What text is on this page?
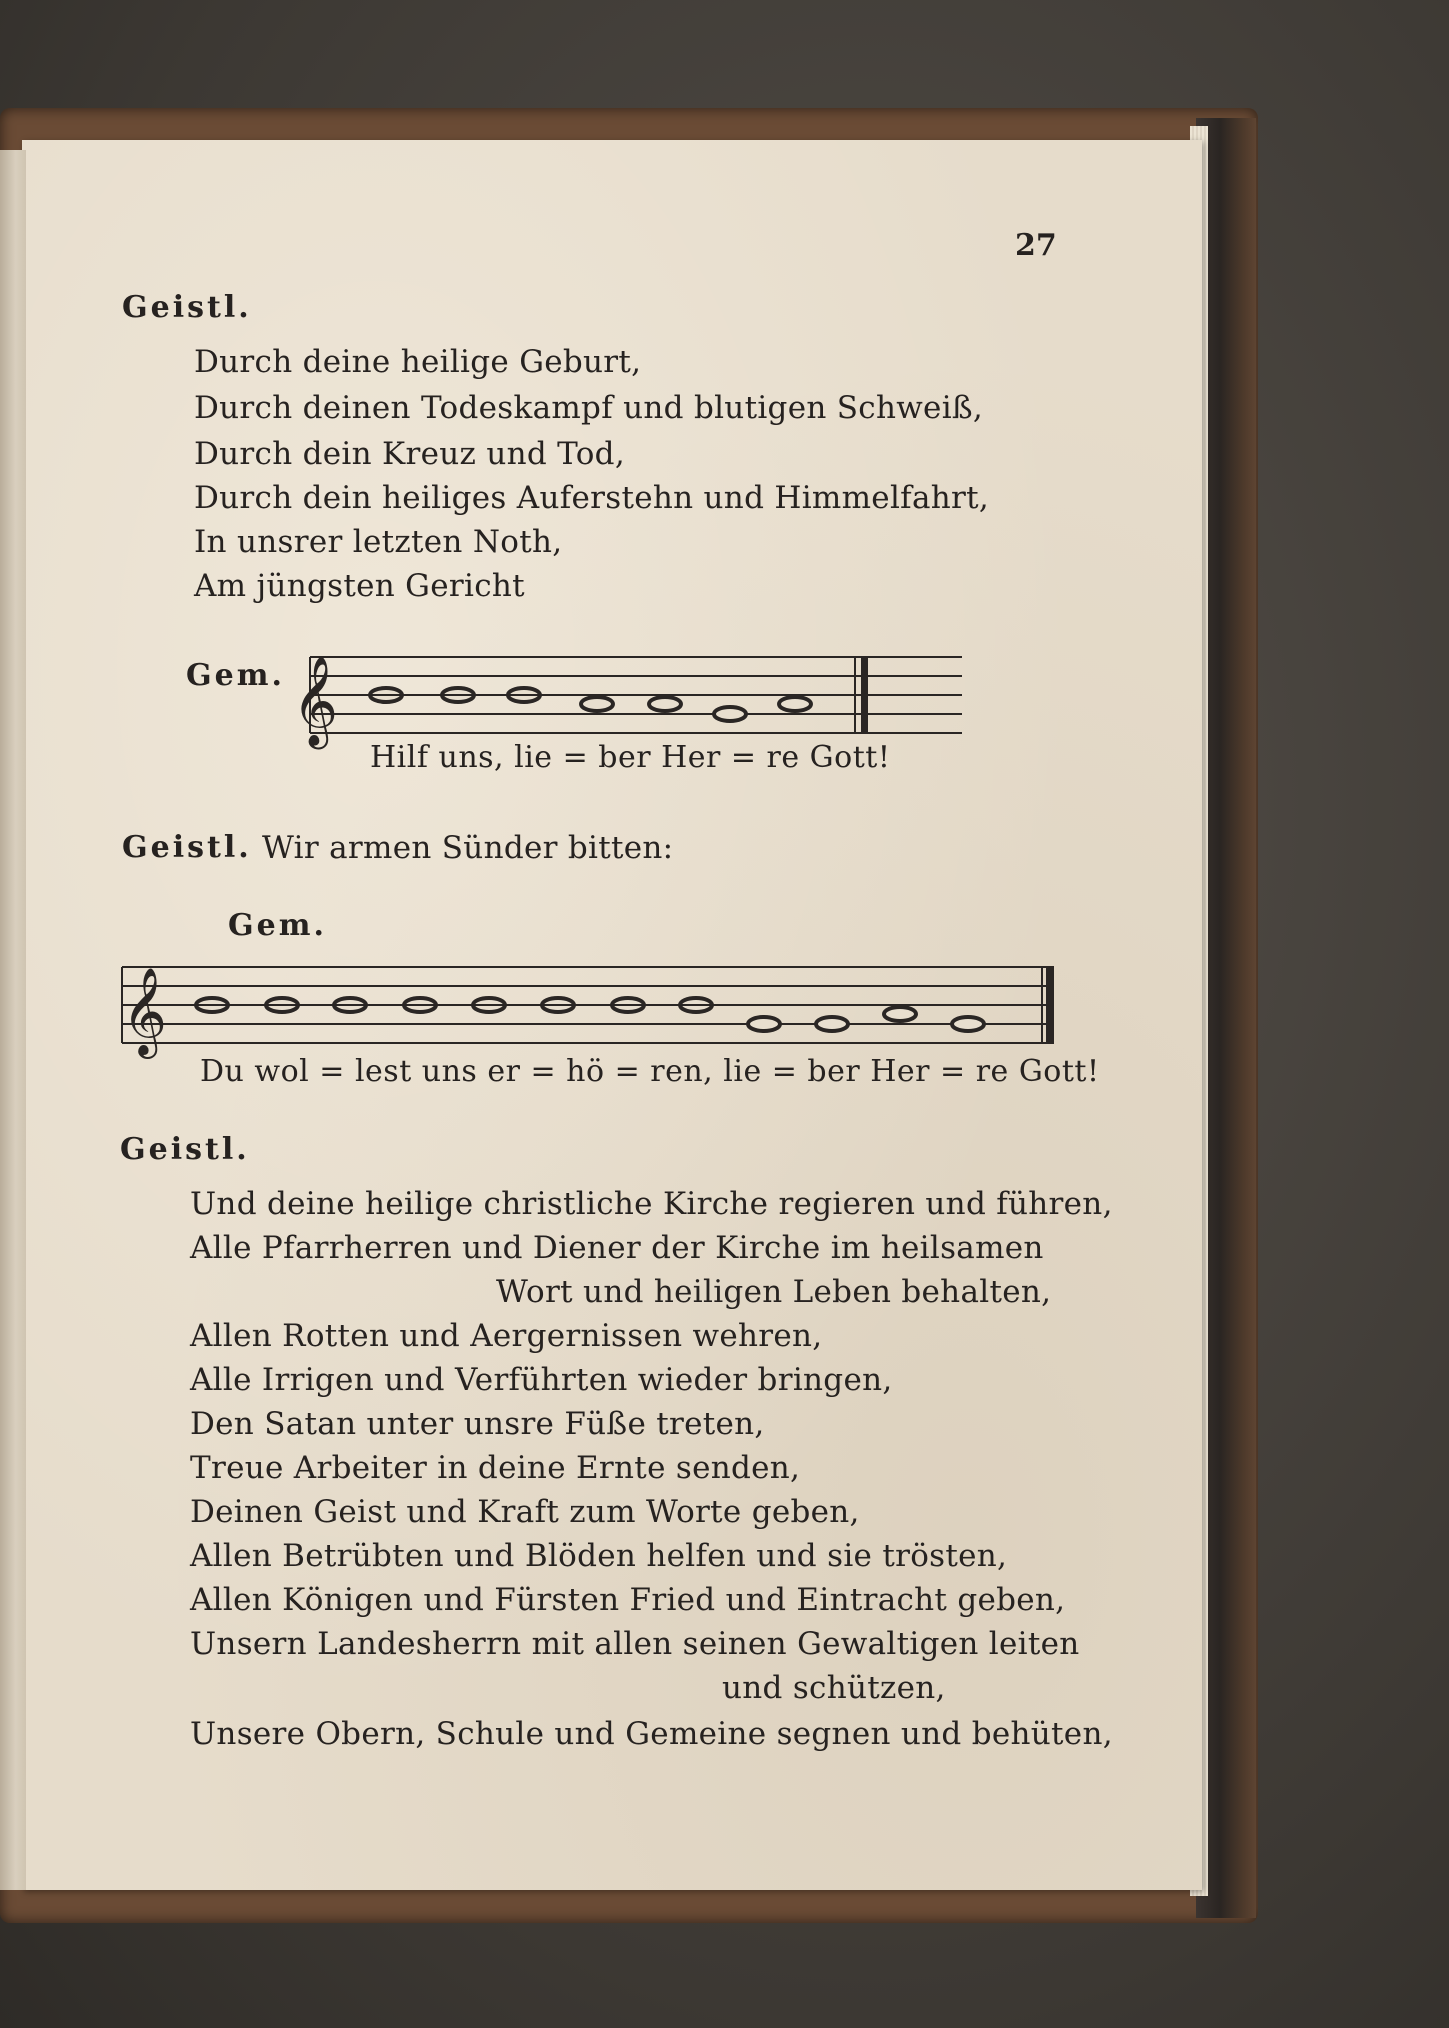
27
Geistl.
Durch deine heilige Geburt,
Durch deinen Todeskampf und blutigen Schweiß,
Durch dein Kreuz und Tod,
Durch dein heiliges Auferstehn und Himmelfahrt,
In unsrer letzten Noth,
Am jüngsten Gericht
Gem. 𝄞
Hilf uns, lie = ber Her = re Gott!
Geistl. Wir armen Sünder bitten:
Gem.
𝄞
Du wol = lest uns er = hö = ren, lie = ber Her = re Gott!
Geistl.
Und deine heilige christliche Kirche regieren und führen,
Alle Pfarrherren und Diener der Kirche im heilsamen
Wort und heiligen Leben behalten,
Allen Rotten und Aergernissen wehren,
Alle Irrigen und Verführten wieder bringen,
Den Satan unter unsre Füße treten,
Treue Arbeiter in deine Ernte senden,
Deinen Geist und Kraft zum Worte geben,
Allen Betrübten und Blöden helfen und sie trösten,
Allen Königen und Fürsten Fried und Eintracht geben,
Unsern Landesherrn mit allen seinen Gewaltigen leiten
und schützen,
Unsere Obern, Schule und Gemeine segnen und behüten,
